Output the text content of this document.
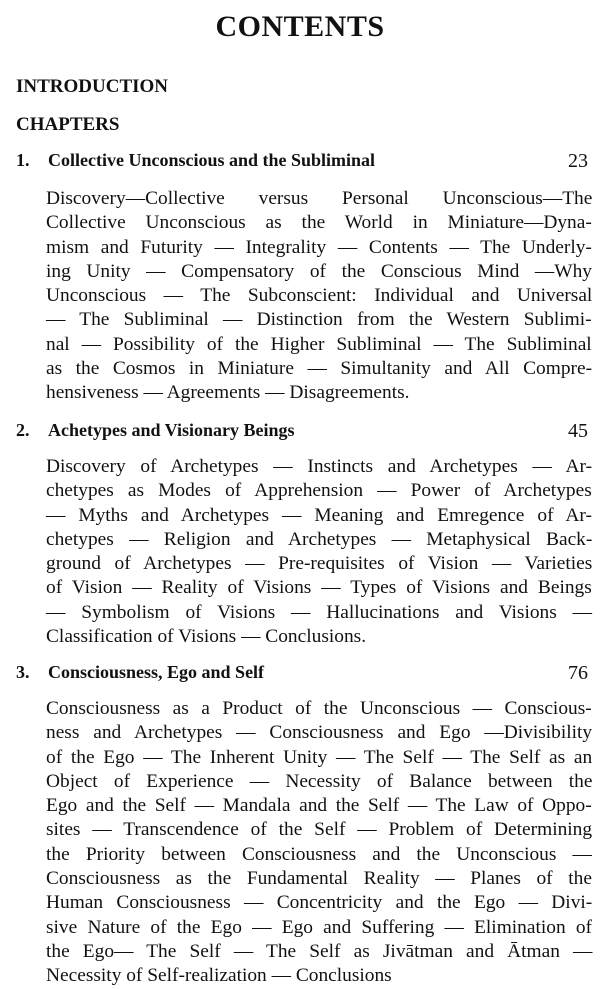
CONTENTS
INTRODUCTION
CHAPTERS
1. Collective Unconscious and the Subliminal	23
Discovery—Collective versus Personal Unconscious—The
Collective Unconscious as the World in Miniature—Dyna-
mism and Futurity — Integrality — Contents — The Underly-
ing Unity — Compensatory of the Conscious Mind —Why
Unconscious — The Subconscient: Individual and Universal
— The Subliminal — Distinction from the Western Sublimi-
nal — Possibility of the Higher Subliminal — The Subliminal
as the Cosmos in Miniature — Simultanity and All Compre-
hensiveness — Agreements — Disagreements.
2. Achetypes and Visionary Beings	45
Discovery of Archetypes — Instincts and Archetypes — Ar-
chetypes as Modes of Apprehension — Power of Archetypes
— Myths and Archetypes — Meaning and Emregence of Ar-
chetypes — Religion and Archetypes — Metaphysical Back-
ground of Archetypes — Pre-requisites of Vision — Varieties
of Vision — Reality of Visions — Types of Visions and Beings
— Symbolism of Visions — Hallucinations and Visions —
Classification of Visions — Conclusions.
3. Consciousness, Ego and Self	76
Consciousness as a Product of the Unconscious — Conscious-
ness and Archetypes — Consciousness and Ego —Divisibility
of the Ego — The Inherent Unity — The Self — The Self as an
Object of Experience — Necessity of Balance between the
Ego and the Self — Mandala and the Self — The Law of Oppo-
sites — Transcendence of the Self — Problem of Determining
the Priority between Consciousness and the Unconscious —
Consciousness as the Fundamental Reality — Planes of the
Human Consciousness — Concentricity and the Ego — Divi-
sive Nature of the Ego — Ego and Suffering — Elimination of
the Ego— The Self — The Self as Jivātman and Ātman —
Necessity of Self-realization — Conclusions
